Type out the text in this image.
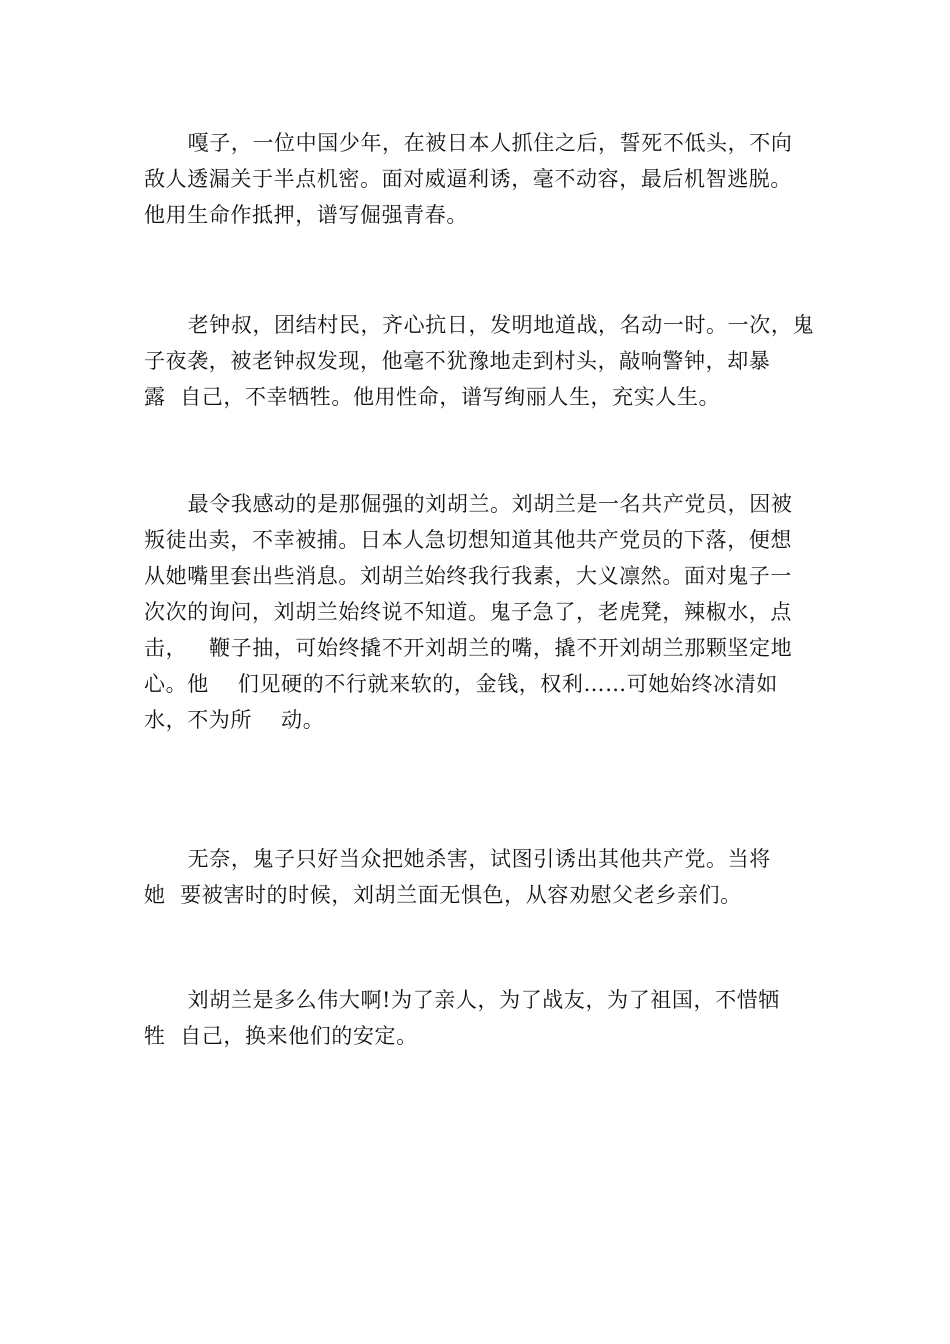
嘎子，一位中国少年，在被日本人抓住之后，誓死不低头，不向
敌人透漏关于半点机密。面对威逼利诱，毫不动容，最后机智逃脱。
他用生命作抵押，谱写倔强青春。

老钟叔，团结村民，齐心抗日，发明地道战，名动一时。一次，鬼
子夜袭，被老钟叔发现，他毫不犹豫地走到村头，敲响警钟，却暴
露  自己，不幸牺牲。他用性命，谱写绚丽人生，充实人生。

最令我感动的是那倔强的刘胡兰。刘胡兰是一名共产党员，因被
叛徒出卖，不幸被捕。日本人急切想知道其他共产党员的下落，便想
从她嘴里套出些消息。刘胡兰始终我行我素，大义凛然。面对鬼子一
次次的询问，刘胡兰始终说不知道。鬼子急了，老虎凳，辣椒水，点
击，   鞭子抽，可始终撬不开刘胡兰的嘴，撬不开刘胡兰那颗坚定地
心。他    们见硬的不行就来软的，金钱，权利……可她始终冰清如
水，不为所    动。

无奈，鬼子只好当众把她杀害，试图引诱出其他共产党。当将
她  要被害时的时候，刘胡兰面无惧色，从容劝慰父老乡亲们。

刘胡兰是多么伟大啊!为了亲人，为了战友，为了祖国，不惜牺
牲  自己，换来他们的安定。
